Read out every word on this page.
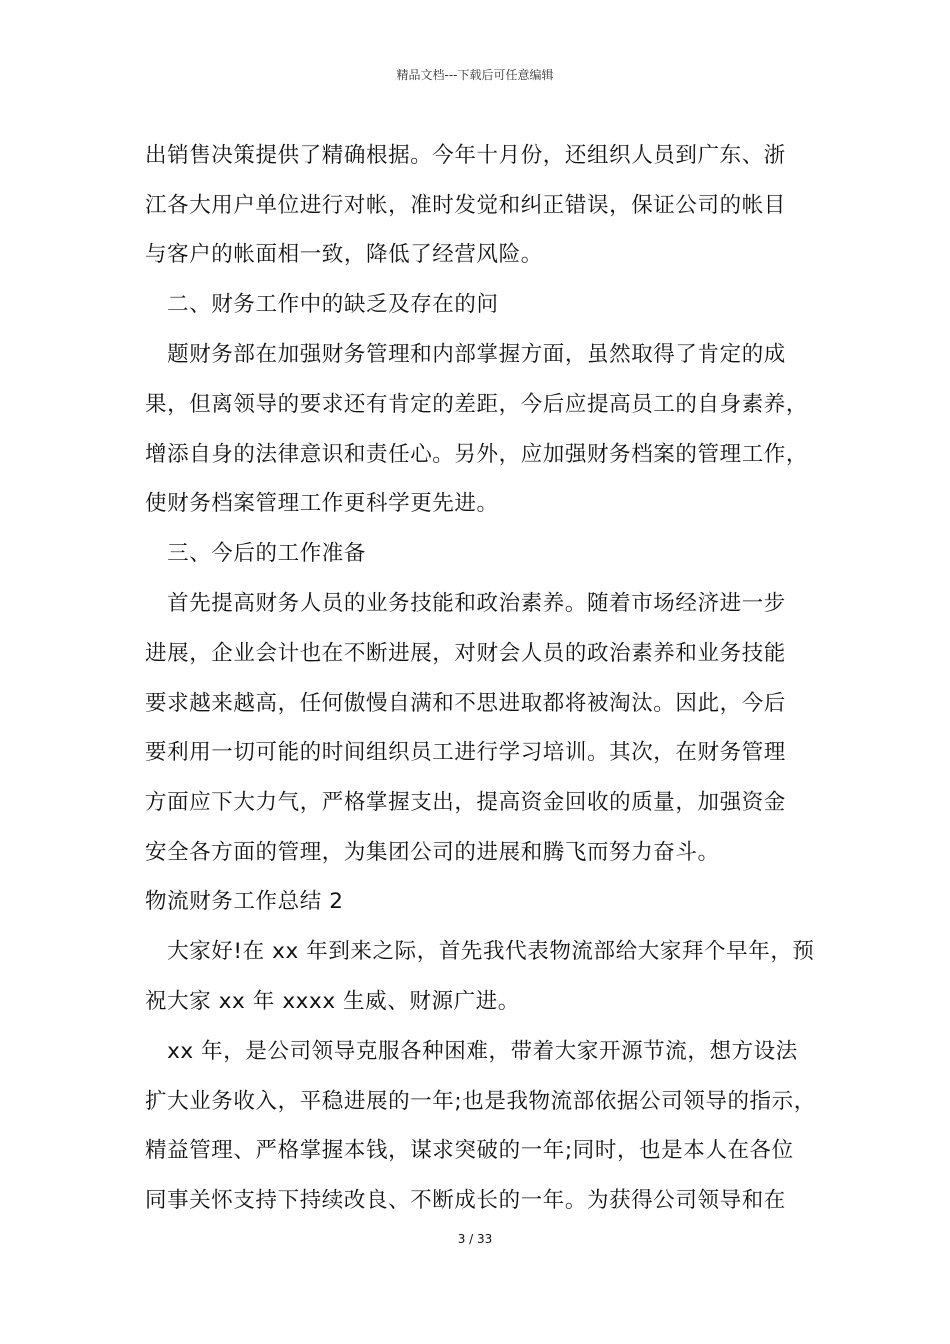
精品文档---下载后可任意编辑
出销售决策提供了精确根据。今年十月份，还组织人员到广东、浙
江各大用户单位进行对帐，准时发觉和纠正错误，保证公司的帐目
与客户的帐面相一致，降低了经营风险。
　二、财务工作中的缺乏及存在的问
　题财务部在加强财务管理和内部掌握方面，虽然取得了肯定的成
果，但离领导的要求还有肯定的差距，今后应提高员工的自身素养，
增添自身的法律意识和责任心。另外，应加强财务档案的管理工作，
使财务档案管理工作更科学更先进。
　三、今后的工作准备
　首先提高财务人员的业务技能和政治素养。随着市场经济进一步
进展，企业会计也在不断进展，对财会人员的政治素养和业务技能
要求越来越高，任何傲慢自满和不思进取都将被淘汰。因此，今后
要利用一切可能的时间组织员工进行学习培训。其次，在财务管理
方面应下大力气，严格掌握支出，提高资金回收的质量，加强资金
安全各方面的管理，为集团公司的进展和腾飞而努力奋斗。
物流财务工作总结 2
　大家好!在 xx 年到来之际，首先我代表物流部给大家拜个早年，预
祝大家 xx 年 xxxx 生威、财源广进。
　xx 年，是公司领导克服各种困难，带着大家开源节流，想方设法
扩大业务收入，平稳进展的一年;也是我物流部依据公司领导的指示，
精益管理、严格掌握本钱，谋求突破的一年;同时，也是本人在各位
同事关怀支持下持续改良、不断成长的一年。为获得公司领导和在
3 / 33
